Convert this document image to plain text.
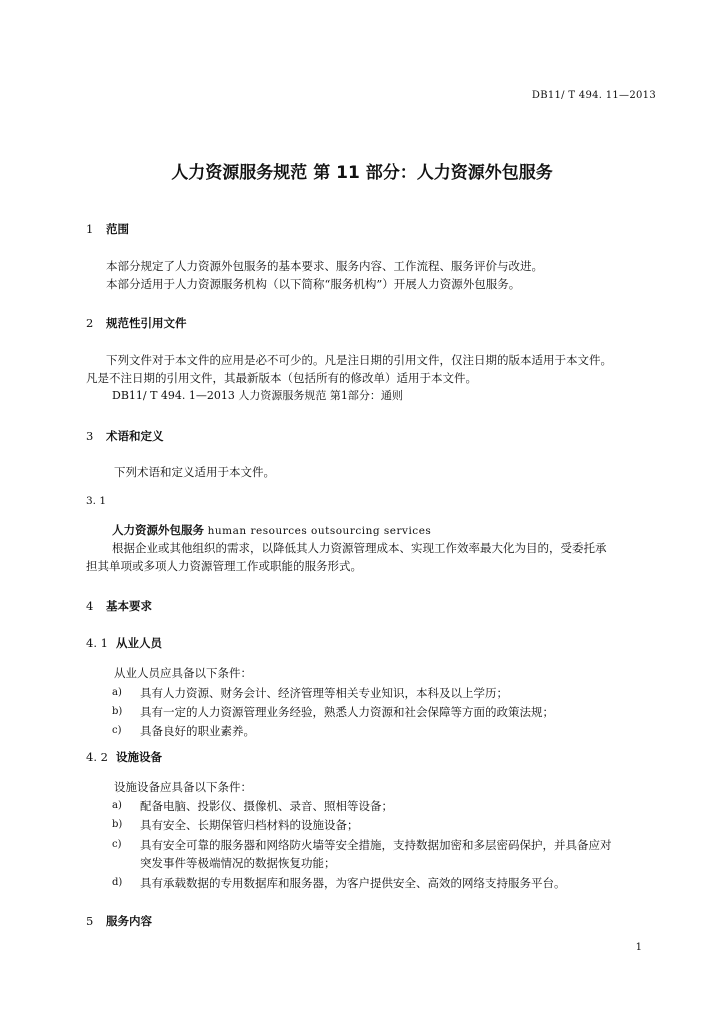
DB11/ T 494. 11—2013
人力资源服务规范 第 11 部分：人力资源外包服务
1 范围
本部分规定了人力资源外包服务的基本要求、服务内容、工作流程、服务评价与改进。
本部分适用于人力资源服务机构（以下简称“服务机构”）开展人力资源外包服务。
2 规范性引用文件
下列文件对于本文件的应用是必不可少的。凡是注日期的引用文件，仅注日期的版本适用于本文件。
凡是不注日期的引用文件，其最新版本（包括所有的修改单）适用于本文件。
DB11/ T 494. 1—2013 人力资源服务规范 第1部分：通则
3 术语和定义
下列术语和定义适用于本文件。
3. 1
人力资源外包服务 human resources outsourcing services
根据企业或其他组织的需求，以降低其人力资源管理成本、实现工作效率最大化为目的，受委托承
担其单项或多项人力资源管理工作或职能的服务形式。
4 基本要求
4. 1 从业人员
从业人员应具备以下条件：
a)	具有人力资源、财务会计、经济管理等相关专业知识，本科及以上学历；
b)	具有一定的人力资源管理业务经验，熟悉人力资源和社会保障等方面的政策法规；
c)	具备良好的职业素养。
4. 2 设施设备
设施设备应具备以下条件：
a)	配备电脑、投影仪、摄像机、录音、照相等设备；
b)	具有安全、长期保管归档材料的设施设备；
c)	具有安全可靠的服务器和网络防火墙等安全措施，支持数据加密和多层密码保护，并具备应对
突发事件等极端情况的数据恢复功能；
d)	具有承载数据的专用数据库和服务器，为客户提供安全、高效的网络支持服务平台。
5 服务内容
1
